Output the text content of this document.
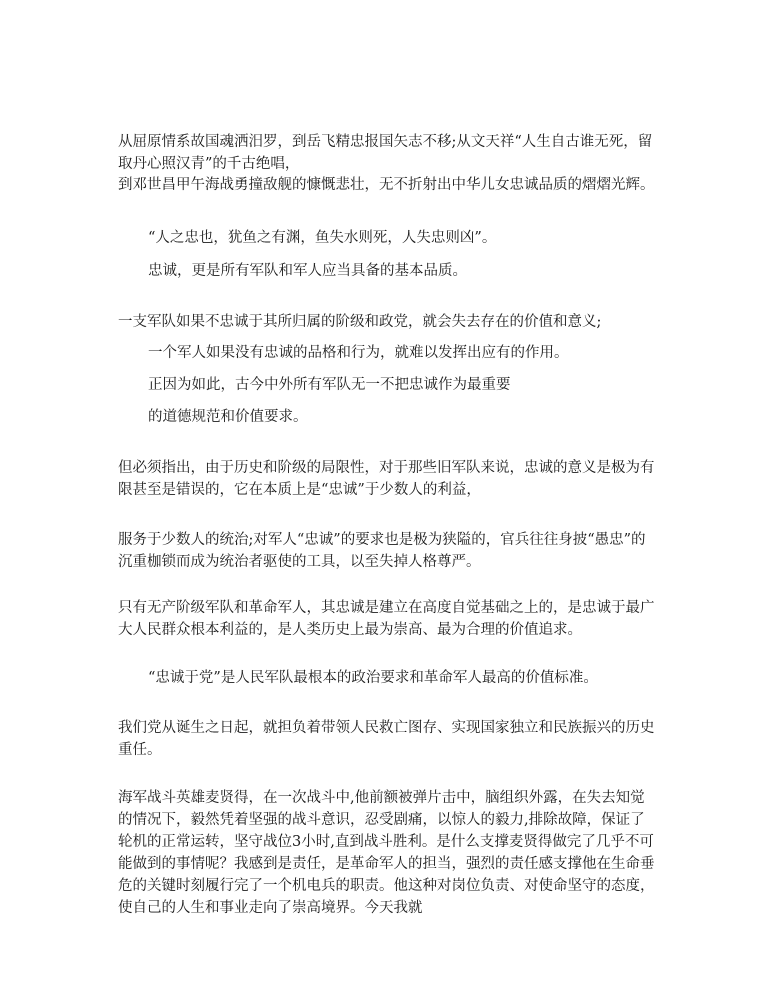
从屈原情系故国魂洒汨罗，到岳飞精忠报国矢志不移;从文天祥“人生自古谁无死，留取丹心照汉青”的千古绝唱，

到邓世昌甲午海战勇撞敌舰的慷慨悲壮，无不折射出中华儿女忠诚品质的熠熠光辉。

“人之忠也，犹鱼之有渊，鱼失水则死，人失忠则凶”。

忠诚，更是所有军队和军人应当具备的基本品质。

一支军队如果不忠诚于其所归属的阶级和政党，就会失去存在的价值和意义;

一个军人如果没有忠诚的品格和行为，就难以发挥出应有的作用。

正因为如此，古今中外所有军队无一不把忠诚作为最重要

的道德规范和价值要求。

但必须指出，由于历史和阶级的局限性，对于那些旧军队来说，忠诚的意义是极为有限甚至是错误的，它在本质上是“忠诚”于少数人的利益，

服务于少数人的统治;对军人“忠诚”的要求也是极为狭隘的，官兵往往身披“愚忠”的沉重枷锁而成为统治者驱使的工具，以至失掉人格尊严。

只有无产阶级军队和革命军人，其忠诚是建立在高度自觉基础之上的，是忠诚于最广大人民群众根本利益的，是人类历史上最为崇高、最为合理的价值追求。

“忠诚于党”是人民军队最根本的政治要求和革命军人最高的价值标准。

我们党从诞生之日起，就担负着带领人民救亡图存、实现国家独立和民族振兴的历史重任。

海军战斗英雄麦贤得，在一次战斗中,他前额被弹片击中，脑组织外露，在失去知觉的情况下，毅然凭着坚强的战斗意识，忍受剧痛，以惊人的毅力,排除故障，保证了轮机的正常运转，坚守战位3小时,直到战斗胜利。是什么支撑麦贤得做完了几乎不可能做到的事情呢？我感到是责任，是革命军人的担当，强烈的责任感支撑他在生命垂危的关键时刻履行完了一个机电兵的职责。他这种对岗位负责、对使命坚守的态度，使自己的人生和事业走向了崇高境界。今天我就
